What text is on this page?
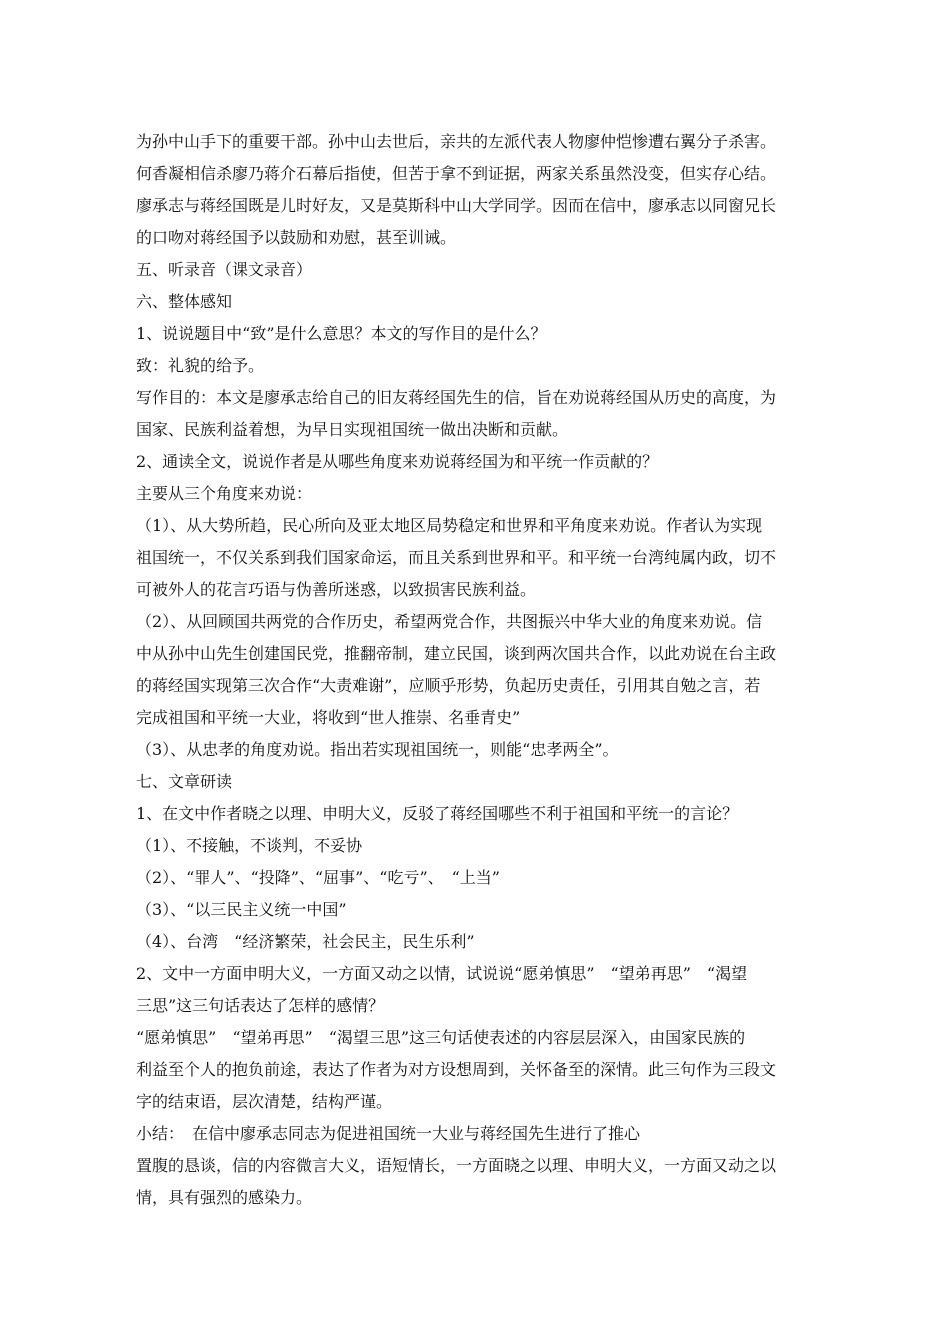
为孙中山手下的重要干部。孙中山去世后，亲共的左派代表人物廖仲恺惨遭右翼分子杀害。
何香凝相信杀廖乃蒋介石幕后指使，但苦于拿不到证据，两家关系虽然没变，但实存心结。
廖承志与蒋经国既是儿时好友，又是莫斯科中山大学同学。因而在信中，廖承志以同窗兄长
的口吻对蒋经国予以鼓励和劝慰，甚至训诫。
五、听录音（课文录音）
六、整体感知
1、说说题目中“致”是什么意思？本文的写作目的是什么？
致：礼貌的给予。
写作目的：本文是廖承志给自己的旧友蒋经国先生的信，旨在劝说蒋经国从历史的高度，为
国家、民族利益着想，为早日实现祖国统一做出决断和贡献。
2、通读全文，说说作者是从哪些角度来劝说蒋经国为和平统一作贡献的？
主要从三个角度来劝说：
（1）、从大势所趋，民心所向及亚太地区局势稳定和世界和平角度来劝说。作者认为实现
祖国统一，不仅关系到我们国家命运，而且关系到世界和平。和平统一台湾纯属内政，切不
可被外人的花言巧语与伪善所迷惑，以致损害民族利益。
（2）、从回顾国共两党的合作历史，希望两党合作，共图振兴中华大业的角度来劝说。信
中从孙中山先生创建国民党，推翻帝制，建立民国，谈到两次国共合作，以此劝说在台主政
的蒋经国实现第三次合作“大责难谢”，应顺乎形势，负起历史责任，引用其自勉之言，若
完成祖国和平统一大业，将收到“世人推崇、名垂青史”
（3）、从忠孝的角度劝说。指出若实现祖国统一，则能“忠孝两全”。
七、文章研读
1、在文中作者晓之以理、申明大义，反驳了蒋经国哪些不利于祖国和平统一的言论？
（1）、不接触，不谈判，不妥协
（2）、“罪人”、“投降”、“屈事”、“吃亏”、　“上当”
（3）、“以三民主义统一中国”
（4）、台湾　“经济繁荣，社会民主，民生乐利”
2、文中一方面申明大义，一方面又动之以情，试说说“愿弟慎思”　“望弟再思”　“渴望
三思”这三句话表达了怎样的感情？
“愿弟慎思”　“望弟再思”　“渴望三思”这三句话使表述的内容层层深入，由国家民族的
利益至个人的抱负前途，表达了作者为对方设想周到，关怀备至的深情。此三句作为三段文
字的结束语，层次清楚，结构严谨。
小结：　在信中廖承志同志为促进祖国统一大业与蒋经国先生进行了推心
置腹的恳谈，信的内容微言大义，语短情长，一方面晓之以理、申明大义，一方面又动之以
情，具有强烈的感染力。
